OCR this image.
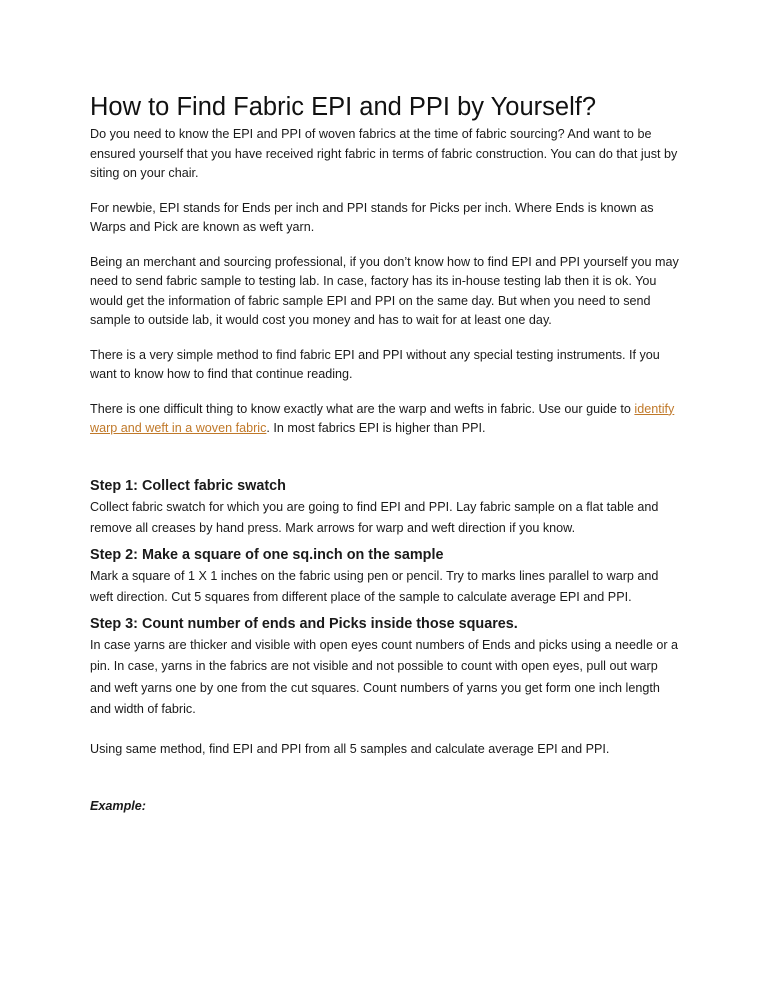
How to Find Fabric EPI and PPI by Yourself?

Do you need to know the EPI and PPI of woven fabrics at the time of fabric sourcing? And want to be ensured yourself that you have received right fabric in terms of fabric construction. You can do that just by siting on your chair.

For newbie, EPI stands for Ends per inch and PPI stands for Picks per inch. Where Ends is known as Warps and Pick are known as weft yarn.

Being an merchant and sourcing professional, if you don’t know how to find EPI and PPI yourself you may need to send fabric sample to testing lab. In case, factory has its in-house testing lab then it is ok. You would get the information of fabric sample EPI and PPI on the same day. But when you need to send sample to outside lab, it would cost you money and has to wait for at least one day.

There is a very simple method to find fabric EPI and PPI without any special testing instruments. If you want to know how to find that continue reading.

There is one difficult thing to know exactly what are the warp and wefts in fabric. Use our guide to identify warp and weft in a woven fabric. In most fabrics EPI is higher than PPI.

Step 1: Collect fabric swatch

Collect fabric swatch for which you are going to find EPI and PPI. Lay fabric sample on a flat table and remove all creases by hand press. Mark arrows for warp and weft direction if you know.

Step 2: Make a square of one sq.inch on the sample

Mark a square of 1 X 1 inches on the fabric using pen or pencil. Try to marks lines parallel to warp and weft direction. Cut 5 squares from different place of the sample to calculate average EPI and PPI.

Step 3: Count number of ends and Picks inside those squares.

In case yarns are thicker and visible with open eyes count numbers of Ends and picks using a needle or a pin. In case, yarns in the fabrics are not visible and not possible to count with open eyes, pull out warp and weft yarns one by one from the cut squares. Count numbers of yarns you get form one inch length and width of fabric.

Using same method, find EPI and PPI from all 5 samples and calculate average EPI and PPI.

Example:
